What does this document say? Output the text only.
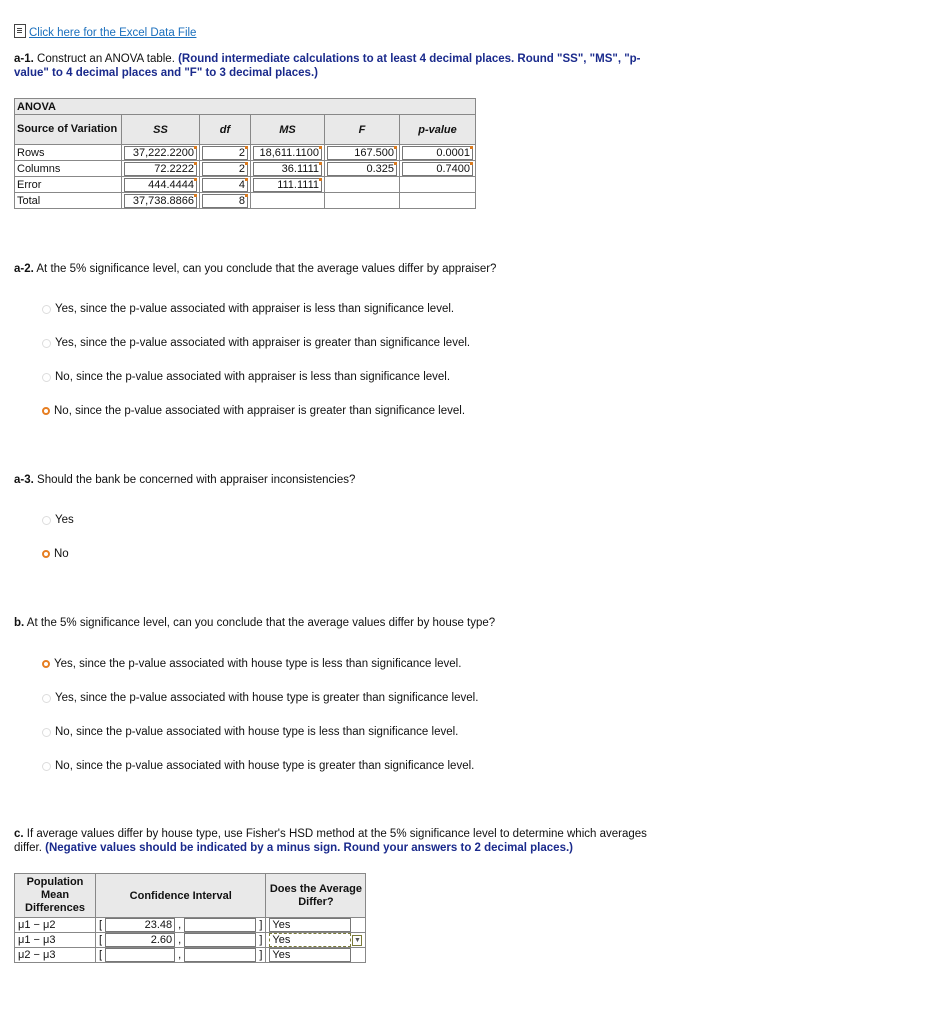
Click here for the Excel Data File
a-1. Construct an ANOVA table. (Round intermediate calculations to at least 4 decimal places. Round "SS", "MS", "p-value" to 4 decimal places and "F" to 3 decimal places.)
ANOVA					
Source of Variation	SS	df	MS	F	p-value
Rows	37,222.2200	2	18,611.1100	167.500	0.0001

Columns	72.2222	2	36.1111	0.325	0.7400

Error	444.4444	4	111.1111		

Total	37,738.8866	8			

a-2. At the 5% significance level, can you conclude that the average values differ by appraiser?
Yes, since the p-value associated with appraiser is less than significance level.
Yes, since the p-value associated with appraiser is greater than significance level.
No, since the p-value associated with appraiser is less than significance level.
No, since the p-value associated with appraiser is greater than significance level.
a-3. Should the bank be concerned with appraiser inconsistencies?
Yes
No
b. At the 5% significance level, can you conclude that the average values differ by house type?
Yes, since the p-value associated with house type is less than significance level.
Yes, since the p-value associated with house type is greater than significance level.
No, since the p-value associated with house type is less than significance level.
No, since the p-value associated with house type is greater than significance level.
c. If average values differ by house type, use Fisher's HSD method at the 5% significance level to determine which averages differ. (Negative values should be indicated by a minus sign. Round your answers to 2 decimal places.)
Population Mean Differences	Confidence Interval	Does the Average Differ?
μ1 − μ2	[ 23.48 , ]	Yes
μ1 − μ3	[ 2.60 , ]	Yes ▼
μ2 − μ3	[ , ]	Yes
